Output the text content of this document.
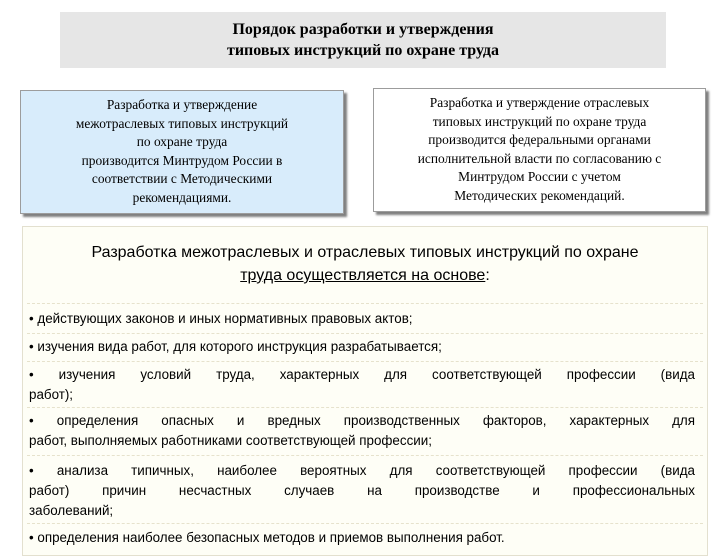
Порядок разработки и утверждения
типовых инструкций по охране труда
Разработка и утверждение
межотраслевых типовых инструкций
по охране труда
производится Минтрудом России в
соответствии с Методическими
рекомендациями.
Разработка и утверждение отраслевых
типовых инструкций по охране труда
производится федеральными органами
исполнительной власти по согласованию с
Минтрудом России с учетом
Методических рекомендаций.
Разработка межотраслевых и отраслевых типовых инструкций по охране
труда осуществляется на основе:
• действующих законов и иных нормативных правовых актов;
• изучения вида работ, для которого инструкция разрабатывается;
• изучения условий труда, характерных для соответствующей профессии (вида
работ);
• определения опасных и вредных производственных факторов, характерных для
работ, выполняемых работниками соответствующей профессии;
• анализа типичных, наиболее вероятных для соответствующей профессии (вида
работ) причин несчастных случаев на производстве и профессиональных
заболеваний;
• определения наиболее безопасных методов и приемов выполнения работ.
